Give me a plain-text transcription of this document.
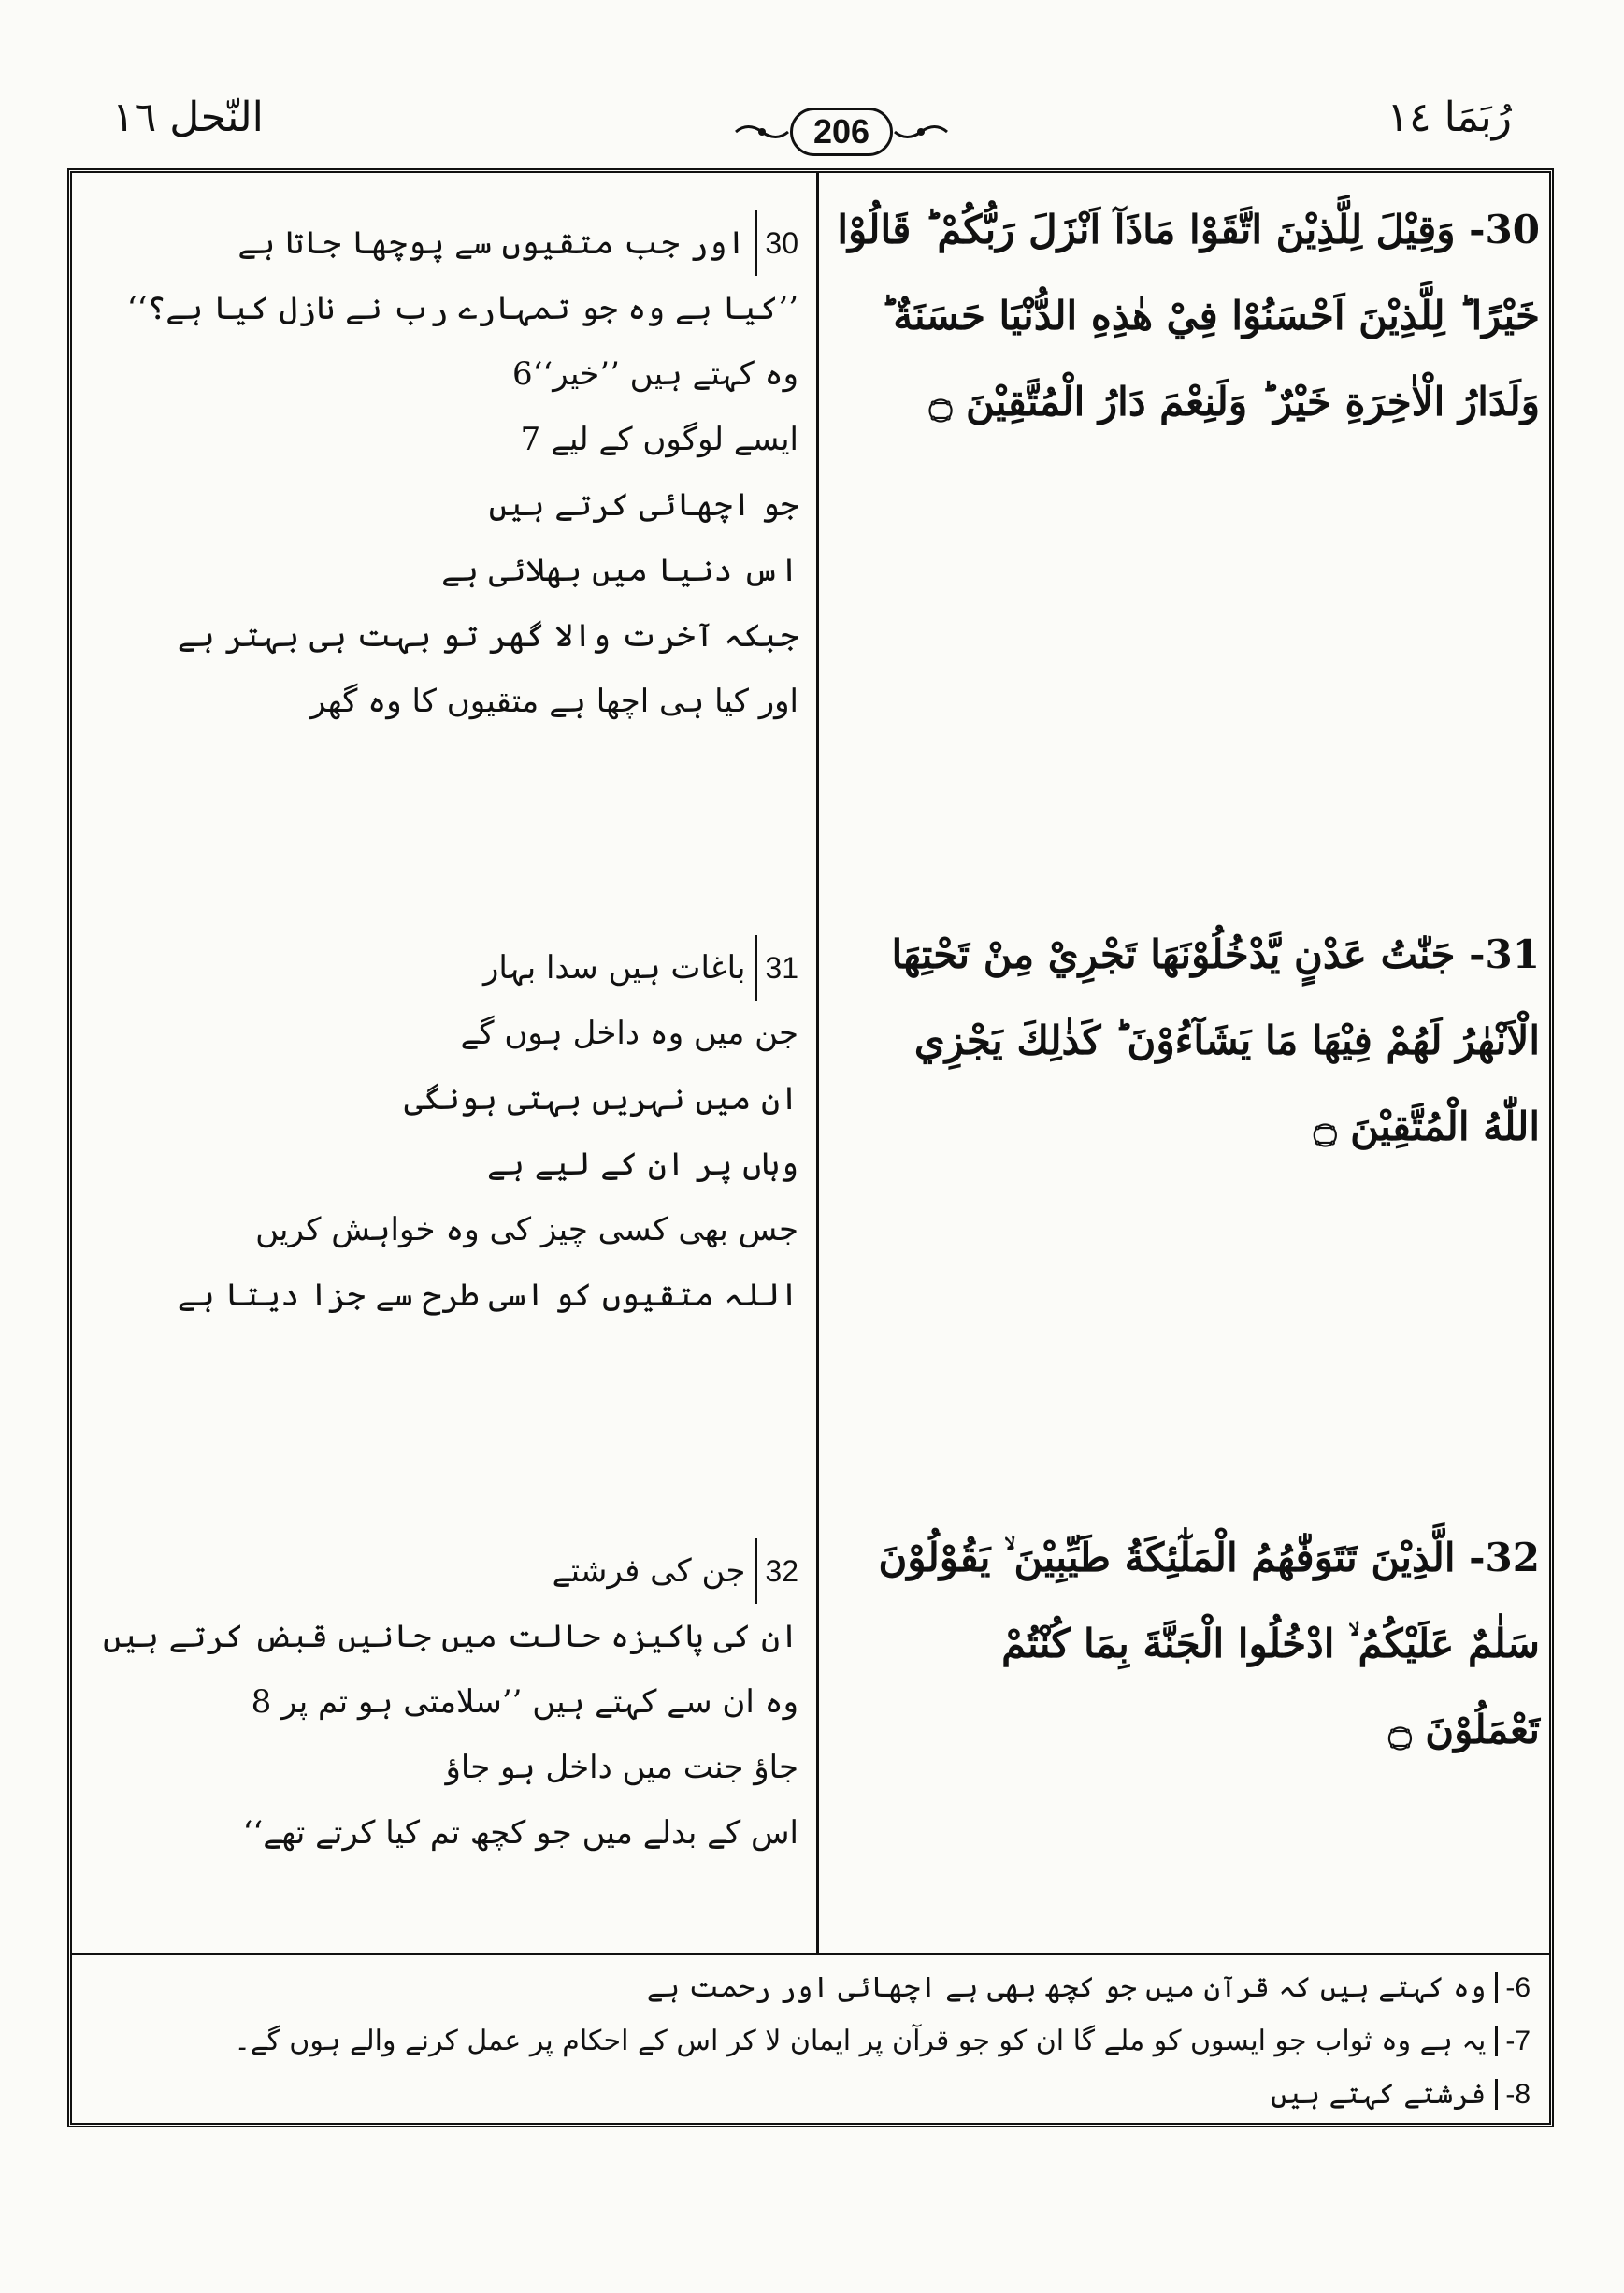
النّحل ١٦	رُبَمَا ١٤
206
30- وَقِيْلَ لِلَّذِيْنَ اتَّقَوْا مَاذَآ اَنْزَلَ رَبُّكُمْ ؕ قَالُوْا
خَيْرًا ؕ لِلَّذِيْنَ اَحْسَنُوْا فِيْ هٰذِهِ الدُّنْيَا حَسَنَةٌ ؕ
وَلَدَارُ الْاٰخِرَةِ خَيْرٌ ؕ وَلَنِعْمَ دَارُ الْمُتَّقِيْنَ ۝
30اور جب متقیوں سے پوچھا جاتا ہے
’’کیا ہے وہ جو تمہارے رب نے نازل کیا ہے؟‘‘
وہ کہتے ہیں ’’خیر‘‘6
ایسے لوگوں کے لیے 7
جو اچھائی کرتے ہیں
اس دنیا میں بھلائی ہے
جبکہ آخرت والا گھر تو بہت ہی بہتر ہے
اور کیا ہی اچھا ہے متقیوں کا وہ گھر
31- جَنّٰتُ عَدْنٍ يَّدْخُلُوْنَهَا تَجْرِيْ مِنْ تَحْتِهَا
الْاَنْهٰرُ لَهُمْ فِيْهَا مَا يَشَآءُوْنَ ؕ كَذٰلِكَ يَجْزِي
اللّٰهُ الْمُتَّقِيْنَ ۝
31باغات ہیں سدا بہار
جن میں وہ داخل ہوں گے
ان میں نہریں بہتی ہونگی
وہاں پر ان کے لیے ہے
جس بھی کسی چیز کی وہ خواہش کریں
اللہ متقیوں کو اسی طرح سے جزا دیتا ہے
32- الَّذِيْنَ تَتَوَفّٰهُمُ الْمَلٰٓئِكَةُ طَيِّبِيْنَ ۙ يَقُوْلُوْنَ
سَلٰمٌ عَلَيْكُمُ ۙ ادْخُلُوا الْجَنَّةَ بِمَا كُنْتُمْ
تَعْمَلُوْنَ ۝
32جن کی فرشتے
ان کی پاکیزہ حالت میں جانیں قبض کرتے ہیں
وہ ان سے کہتے ہیں ’’سلامتی ہو تم پر 8
جاؤ جنت میں داخل ہو جاؤ
اس کے بدلے میں جو کچھ تم کیا کرتے تھے‘‘
6-وہ کہتے ہیں کہ قرآن میں جو کچھ بھی ہے اچھائی اور رحمت ہے
7-یہ ہے وہ ثواب جو ایسوں کو ملے گا ان کو جو قرآن پر ایمان لا کر اس کے احکام پر عمل کرنے والے ہوں گے۔
8-فرشتے کہتے ہیں
